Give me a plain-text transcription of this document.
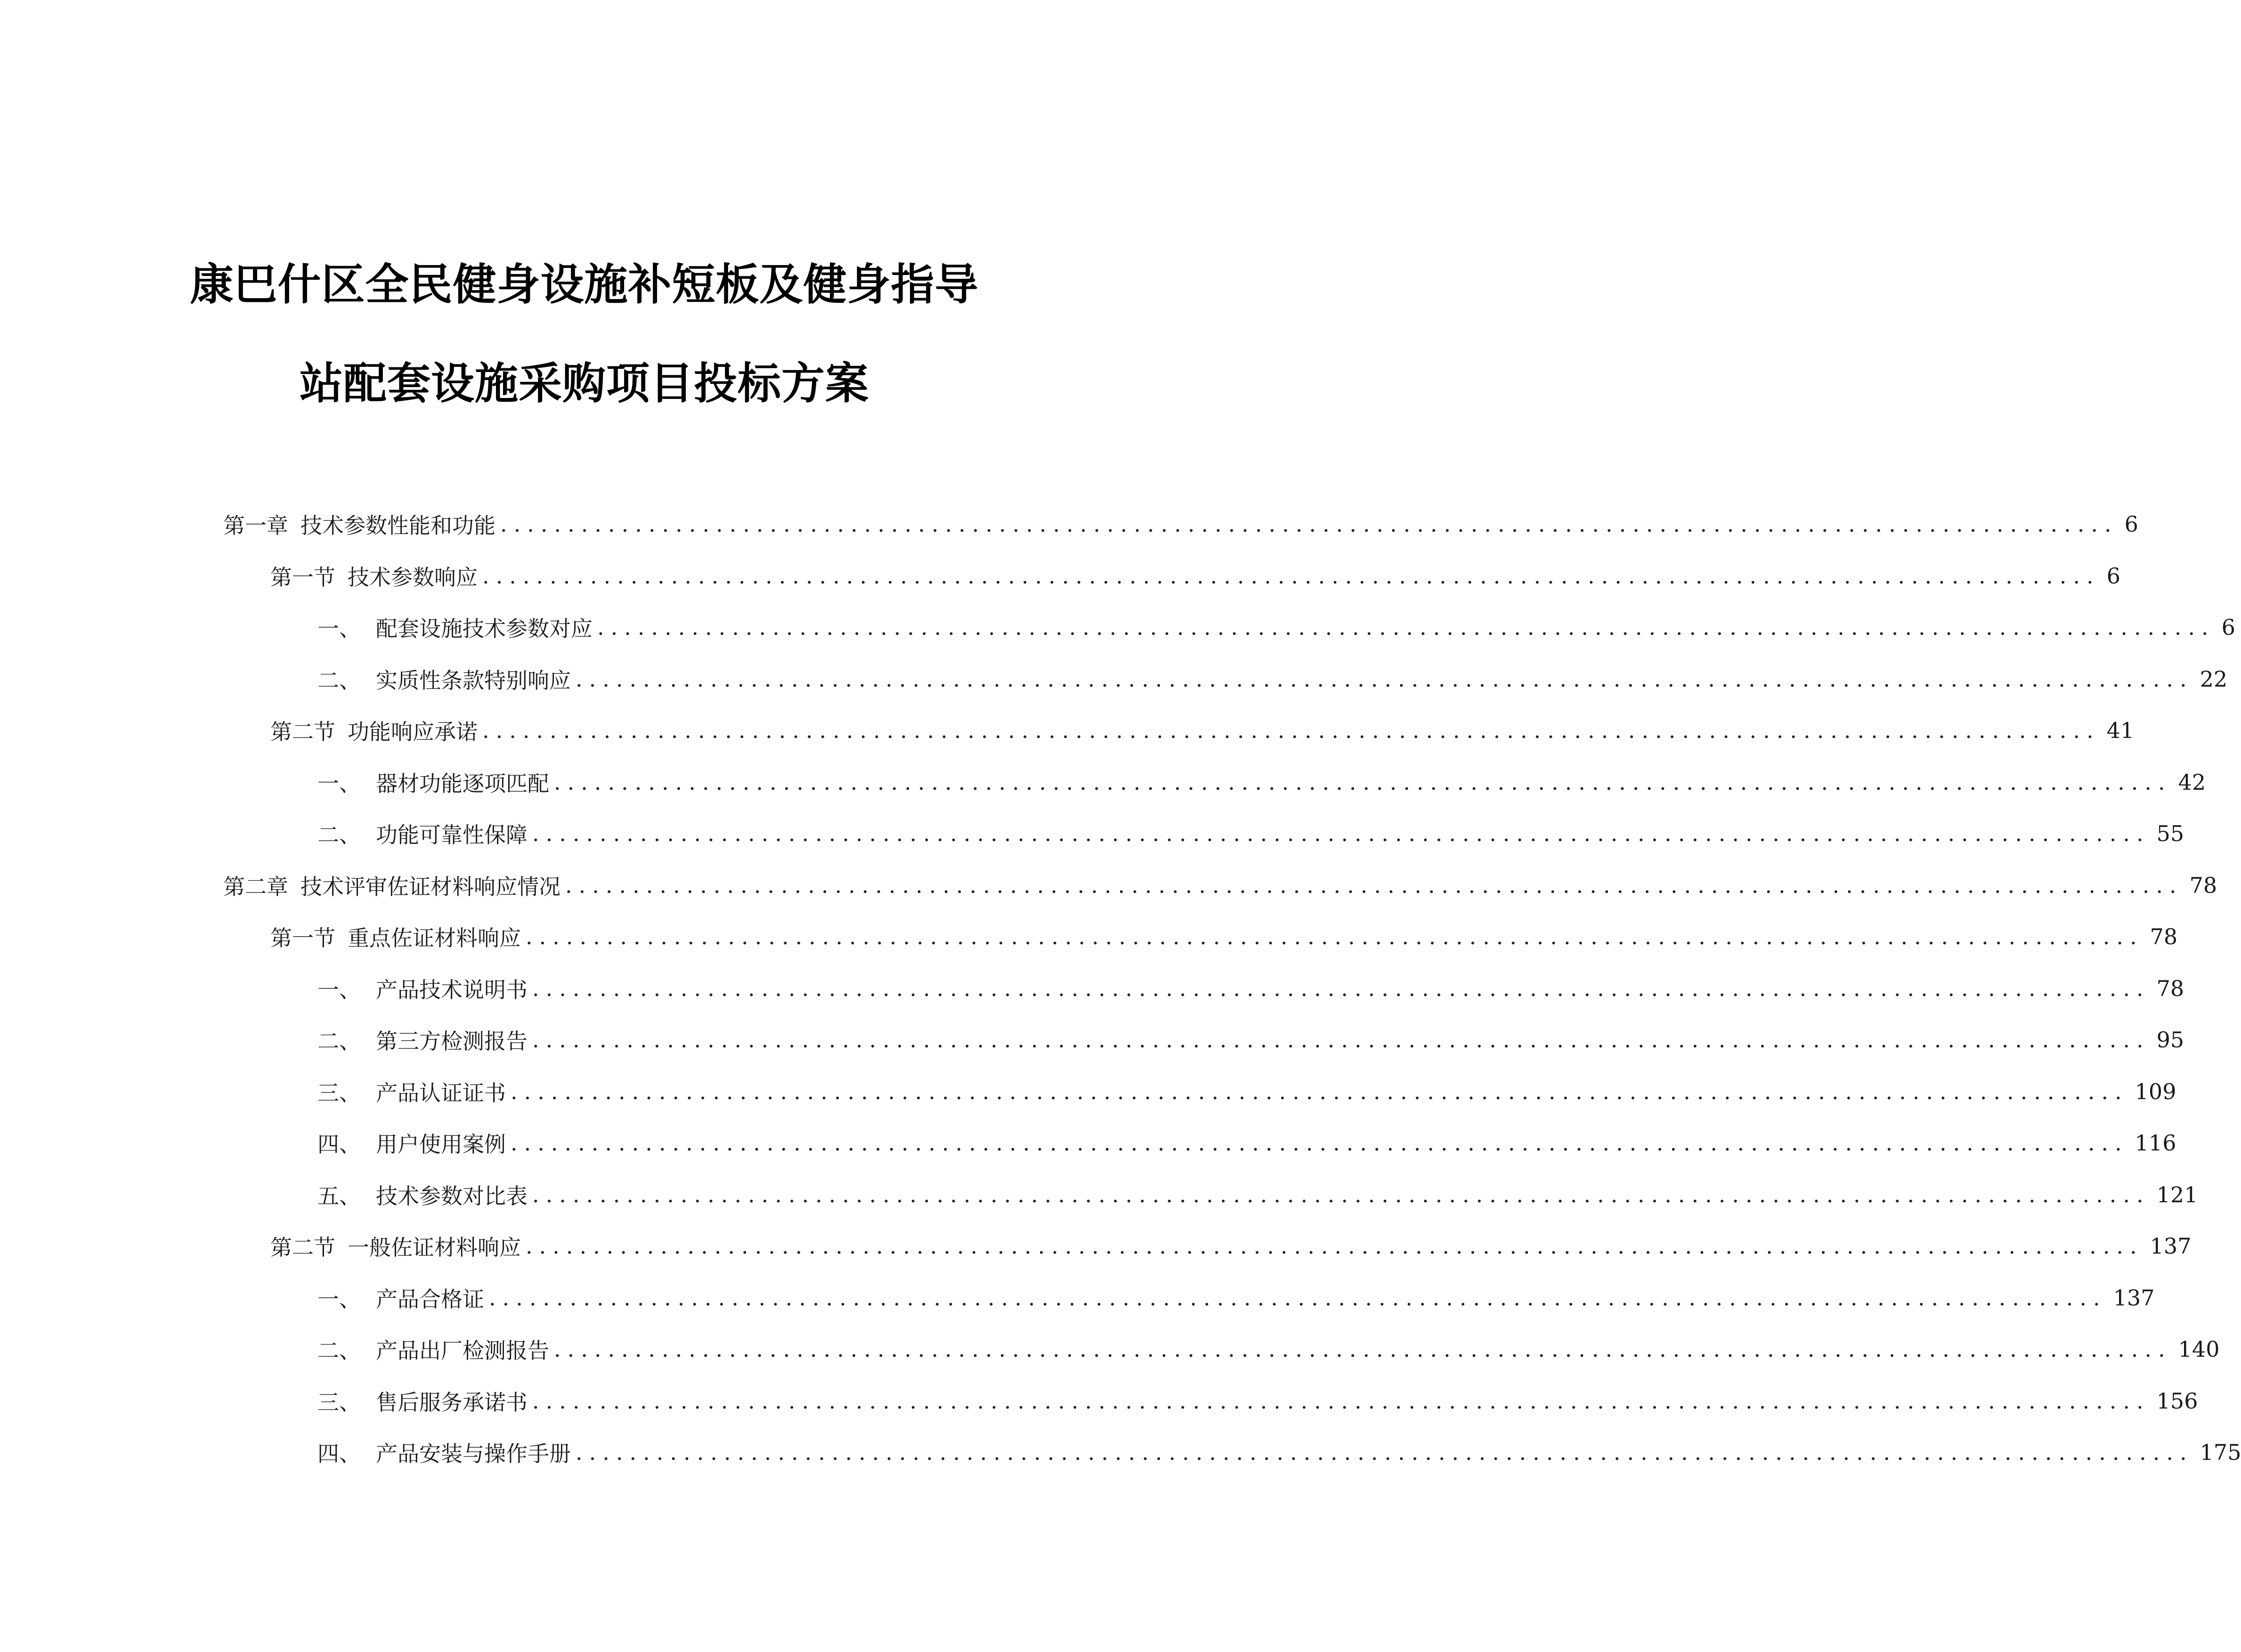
康巴什区全民健身设施补短板及健身指导
站配套设施采购项目投标方案
第一章 技术参数性能和功能 ........................................................................................................................ 6
第一节 技术参数响应 ........................................................................................................................ 6
一、 配套设施技术参数对应 ........................................................................................................................ 6
二、 实质性条款特别响应 ........................................................................................................................ 22
第二节 功能响应承诺 ........................................................................................................................ 41
一、 器材功能逐项匹配 ........................................................................................................................ 42
二、 功能可靠性保障 ........................................................................................................................ 55
第二章 技术评审佐证材料响应情况 ........................................................................................................................ 78
第一节 重点佐证材料响应 ........................................................................................................................ 78
一、 产品技术说明书 ........................................................................................................................ 78
二、 第三方检测报告 ........................................................................................................................ 95
三、 产品认证证书 ........................................................................................................................ 109
四、 用户使用案例 ........................................................................................................................ 116
五、 技术参数对比表 ........................................................................................................................ 121
第二节 一般佐证材料响应 ........................................................................................................................ 137
一、 产品合格证 ........................................................................................................................ 137
二、 产品出厂检测报告 ........................................................................................................................ 140
三、 售后服务承诺书 ........................................................................................................................ 156
四、 产品安装与操作手册 ........................................................................................................................ 175
